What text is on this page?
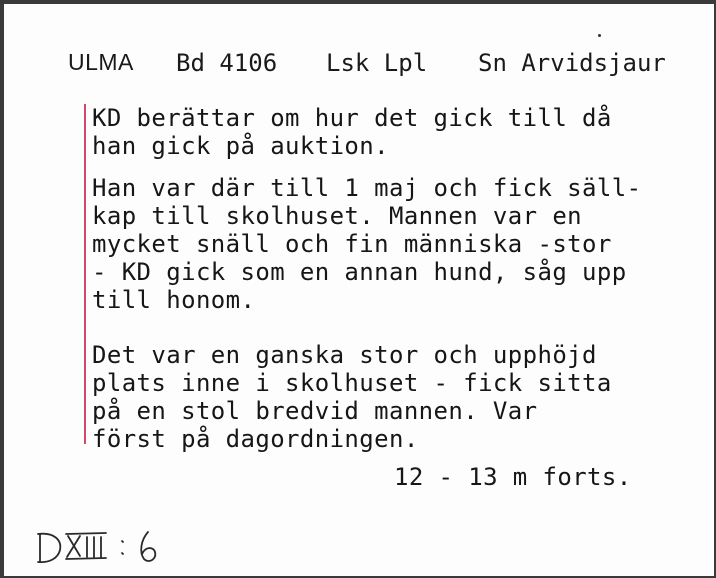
ULMA Bd 4106 Lsk Lpl Sn Arvidsjaur
KD berättar om hur det gick till då
han gick på auktion.
Han var där till 1 maj och fick säll-
kap till skolhuset. Mannen var en
mycket snäll och fin människa -stor
- KD gick som en annan hund, såg upp
till honom.
Det var en ganska stor och upphöjd
plats inne i skolhuset - fick sitta
på en stol bredvid mannen. Var
först på dagordningen.
12 - 13 m forts.
